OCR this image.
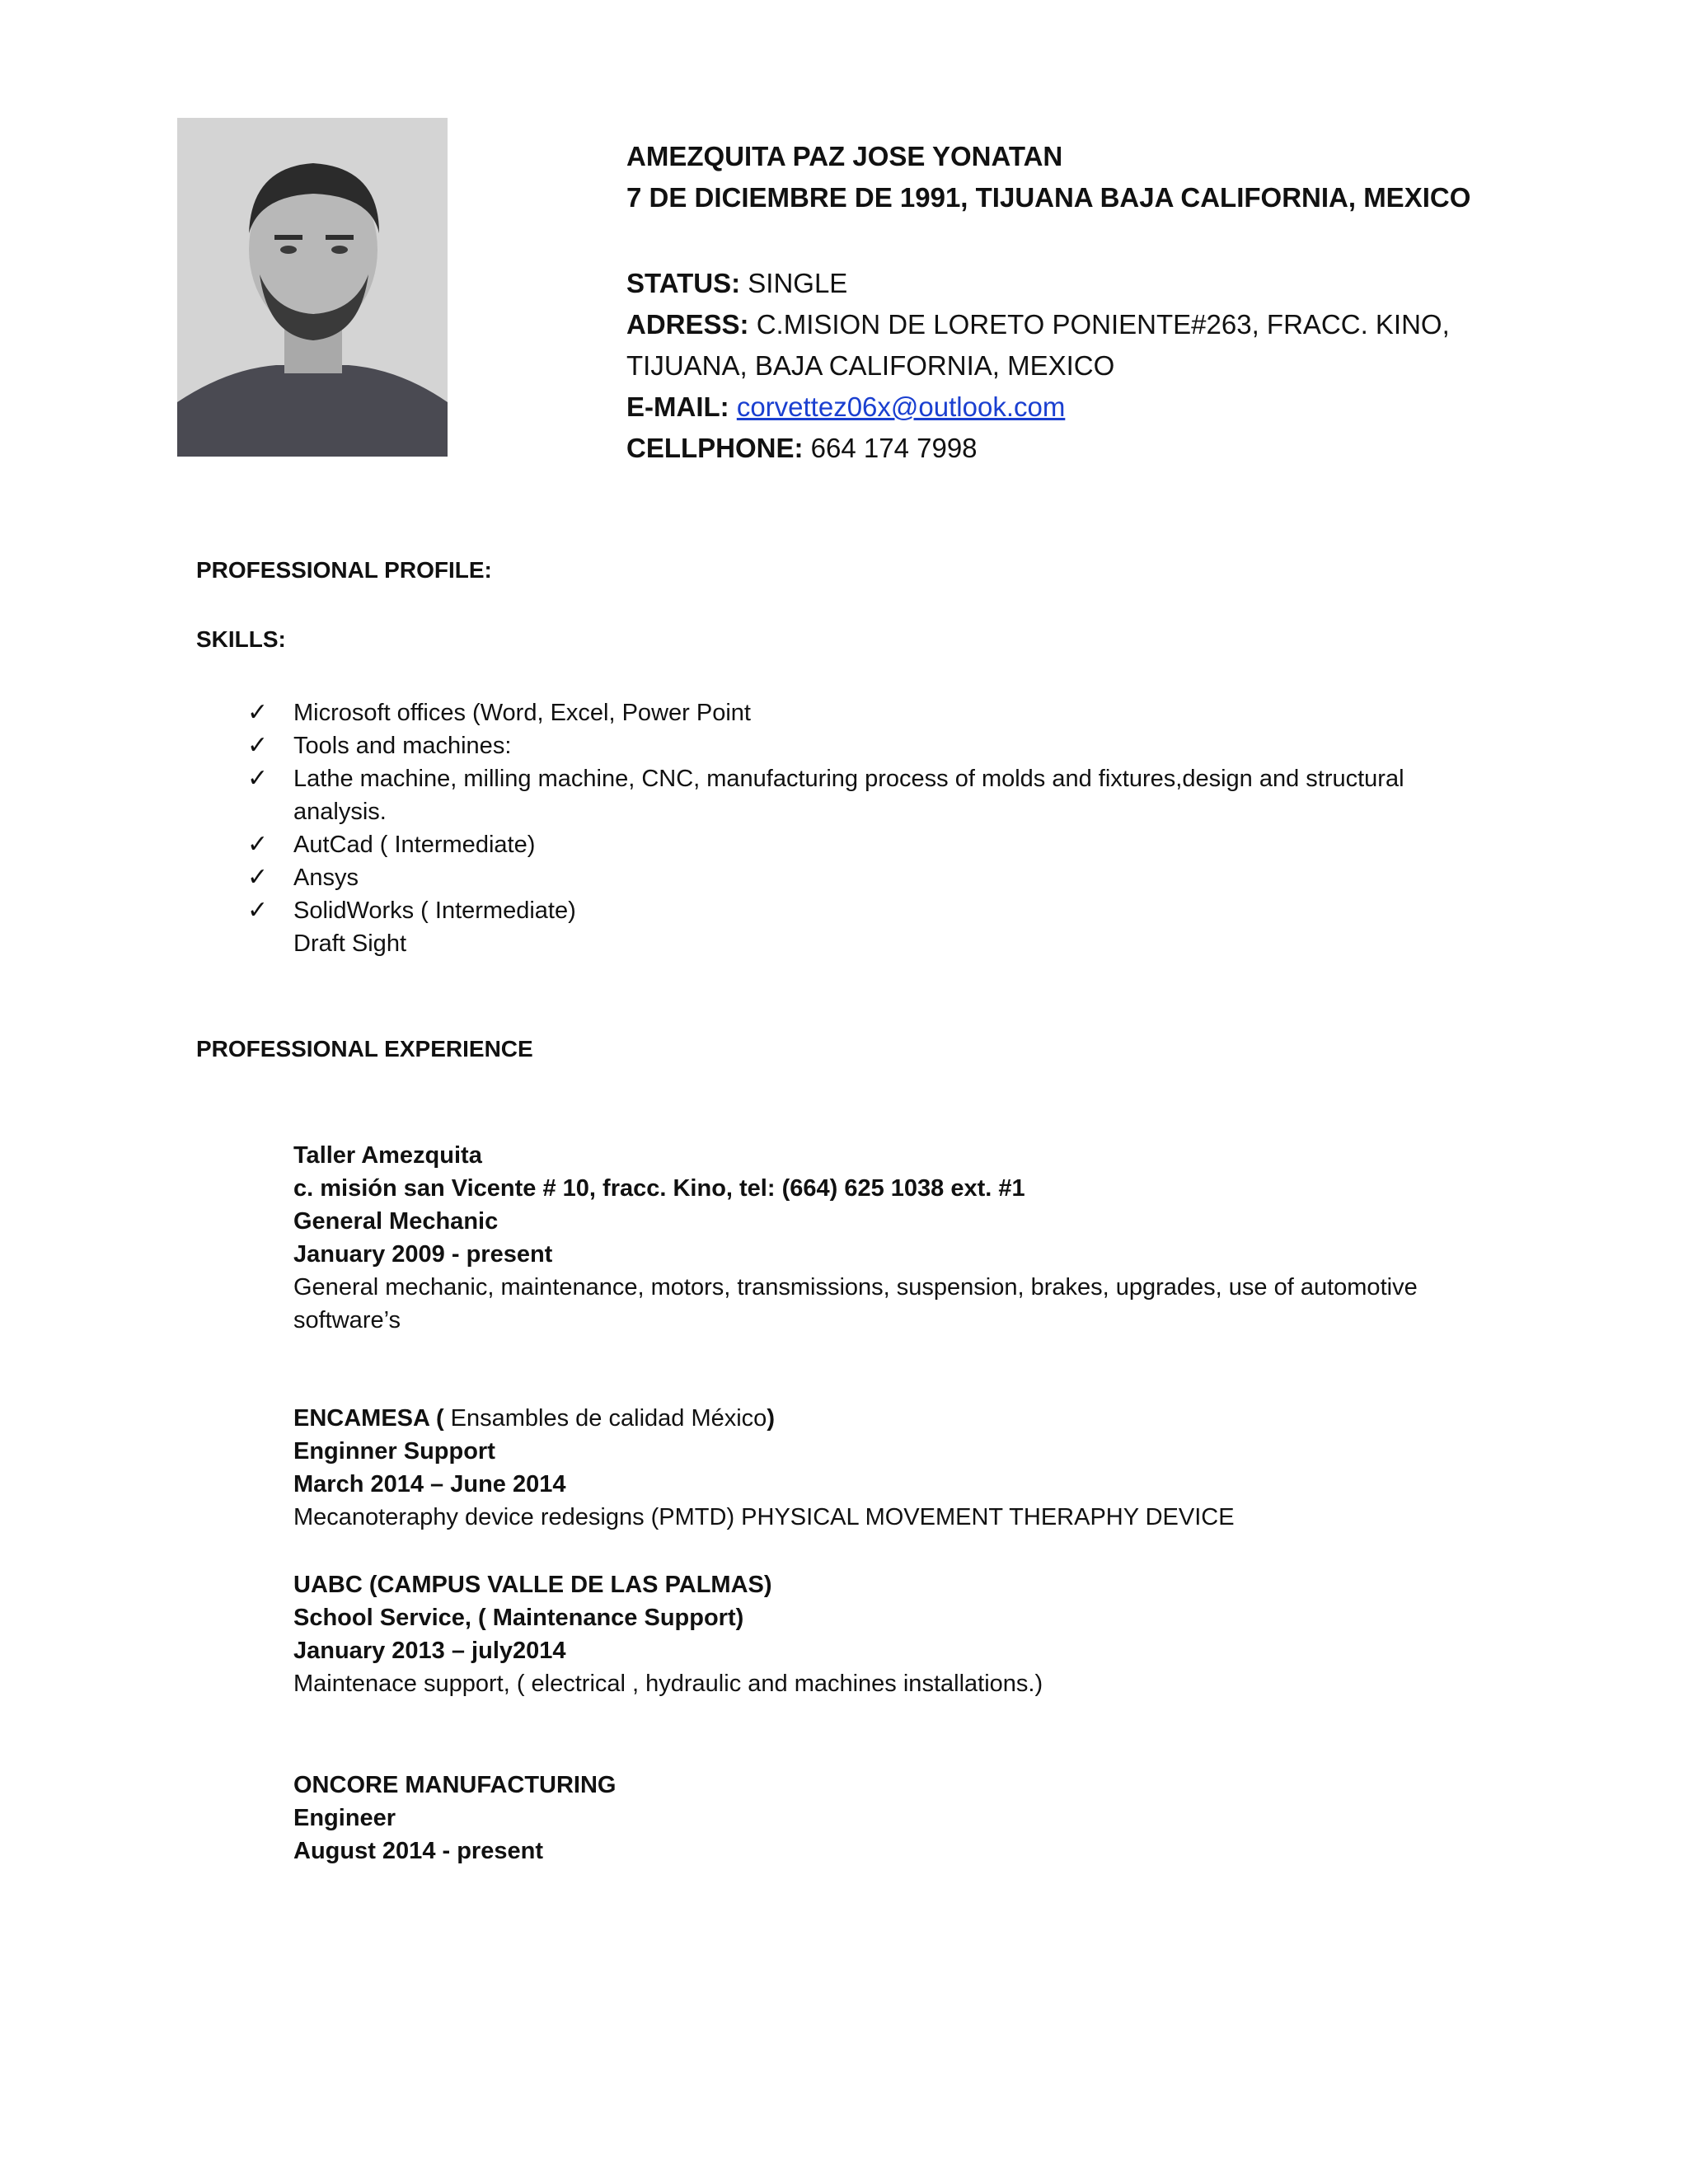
AMEZQUITA PAZ JOSE YONATAN
7 DE DICIEMBRE DE 1991, TIJUANA BAJA CALIFORNIA, MEXICO
STATUS: SINGLE
ADRESS: C.MISION DE LORETO PONIENTE#263, FRACC. KINO,
TIJUANA, BAJA CALIFORNIA, MEXICO
E-MAIL: corvettez06x@outlook.com
CELLPHONE: 664 174 7998
PROFESSIONAL PROFILE:
SKILLS:
✓ Microsoft offices (Word, Excel, Power Point
✓ Tools and machines:
✓ Lathe machine, milling machine, CNC, manufacturing process of molds and fixtures,design and structural
analysis.
✓ AutCad ( Intermediate)
✓ Ansys
✓ SolidWorks ( Intermediate)
Draft Sight
PROFESSIONAL EXPERIENCE
Taller Amezquita
c. misión san Vicente # 10, fracc. Kino, tel: (664) 625 1038 ext. #1
General Mechanic
January 2009 - present
General mechanic, maintenance, motors, transmissions, suspension, brakes, upgrades, use of automotive
software’s
ENCAMESA ( Ensambles de calidad México)
Enginner Support
March 2014 – June 2014
Mecanoteraphy device redesigns (PMTD) PHYSICAL MOVEMENT THERAPHY DEVICE
UABC (CAMPUS VALLE DE LAS PALMAS)
School Service, ( Maintenance Support)
January 2013 – july2014
Maintenace support, ( electrical , hydraulic and machines installations.)
ONCORE MANUFACTURING
Engineer
August 2014 - present
